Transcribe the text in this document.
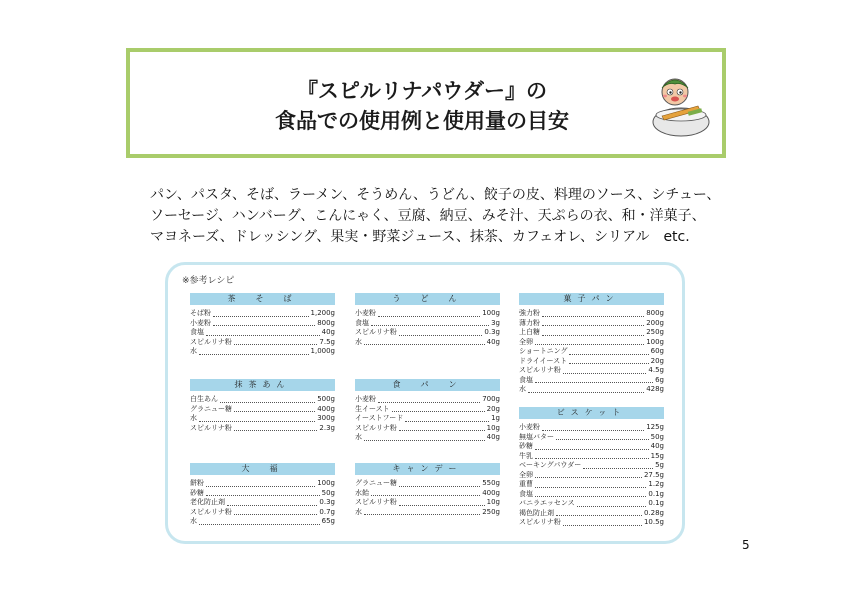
『スピルリナパウダー』の
食品での使用例と使用量の目安
パン、パスタ、そば、ラーメン、そうめん、うどん、餃子の皮、料理のソース、シチュー、
ソーセージ、ハンバーグ、こんにゃく、豆腐、納豆、みそ汁、天ぷらの衣、和・洋菓子、
マヨネーズ、ドレッシング、果実・野菜ジュース、抹茶、カフェオレ、シリアル　etc.
※参考レシピ
茶　そ　ば
そば粉	1,200g
小麦粉	800g
食塩	40g
スピルリナ粉	7.5g
水	1,000g
抹茶あん
白生あん	500g
グラニュー糖	400g
水	300g
スピルリナ粉	2.3g
大　福
餅粉	100g
砂糖	50g
老化防止剤	0.3g
スピルリナ粉	0.7g
水	65g
う　ど　ん
小麦粉	100g
食塩	3g
スピルリナ粉	0.3g
水	40g
食　パ　ン
小麦粉	700g
生イースト	20g
イーストフード	1g
スピルリナ粉	10g
水	40g
キャンデー
グラニュー糖	550g
水飴	400g
スピルリナ粉	10g
水	250g
菓子パン
強力粉	800g
薄力粉	200g
上白糖	250g
全卵	100g
ショートニング	60g
ドライイースト	20g
スピルリナ粉	4.5g
食塩	6g
水	428g
ビスケット
小麦粉	125g
無塩バター	50g
砂糖	40g
牛乳	15g
ベーキングパウダー	5g
全卵	27.5g
重曹	1.2g
食塩	0.1g
バニラエッセンス	0.1g
褐色防止剤	0.28g
スピルリナ粉	10.5g
5
